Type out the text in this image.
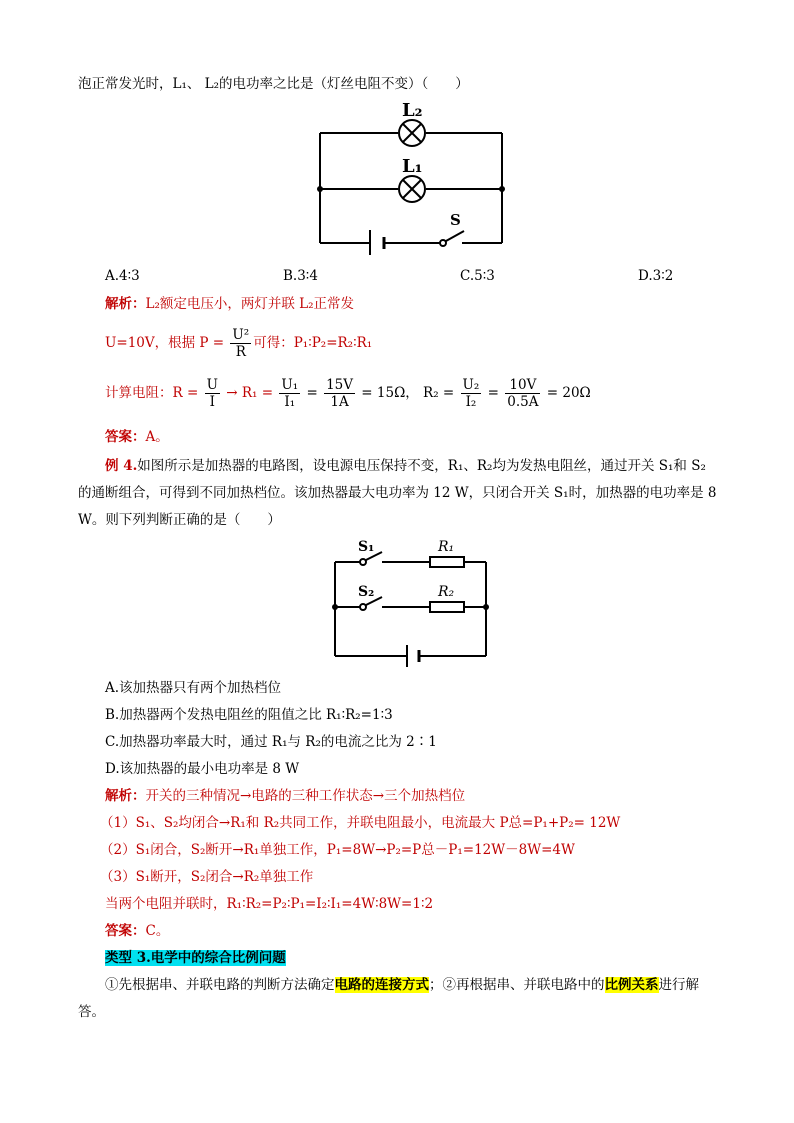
泡正常发光时，L₁、 L₂的电功率之比是（灯丝电阻不变）（　　）
L₂
L₁
S
A.4∶3	B.3∶4	C.5∶3	D.3∶2
解析：L₂额定电压小，两灯并联 L₂正常发
U=10V，根据 $P = \frac{\text{U²}}{R}$ 可得：P₁∶P₂=R₂∶R₁
计算电阻：$R = \frac{U}{I} \to R_1 = \frac{\text{U₁}}{\text{I₁}} = \frac{15V}{1A} = 15\Omega$， $R_2 = \frac{\text{U₂}}{\text{I₂}} = \frac{10V}{0.5A} = 20\Omega$
答案：A。
例 4.如图所示是加热器的电路图，设电源电压保持不变，R₁、R₂均为发热电阻丝，通过开关 S₁和 S₂
的通断组合，可得到不同加热档位。该加热器最大电功率为 12 W，只闭合开关 S₁时，加热器的电功率是 8
W。则下列判断正确的是（　　）
S₁	R₁
S₂	R₂
A.该加热器只有两个加热档位
B.加热器两个发热电阻丝的阻值之比 R₁∶R₂=1∶3
C.加热器功率最大时，通过 R₁与 R₂的电流之比为 2∶1
D.该加热器的最小电功率是 8 W
解析：开关的三种情况→电路的三种工作状态→三个加热档位
（1）S₁、S₂均闭合→R₁和 R₂共同工作，并联电阻最小，电流最大 P总=P₁+P₂= 12W
（2）S₁闭合，S₂断开→R₁单独工作，P₁=8W→P₂=P总－P₁=12W－8W=4W
（3）S₁断开，S₂闭合→R₂单独工作
当两个电阻并联时，R₁∶R₂=P₂∶P₁=I₂∶I₁=4W∶8W=1∶2
答案：C。
类型 3.电学中的综合比例问题
①先根据串、并联电路的判断方法确定电路的连接方式；②再根据串、并联电路中的比例关系进行解
答。
